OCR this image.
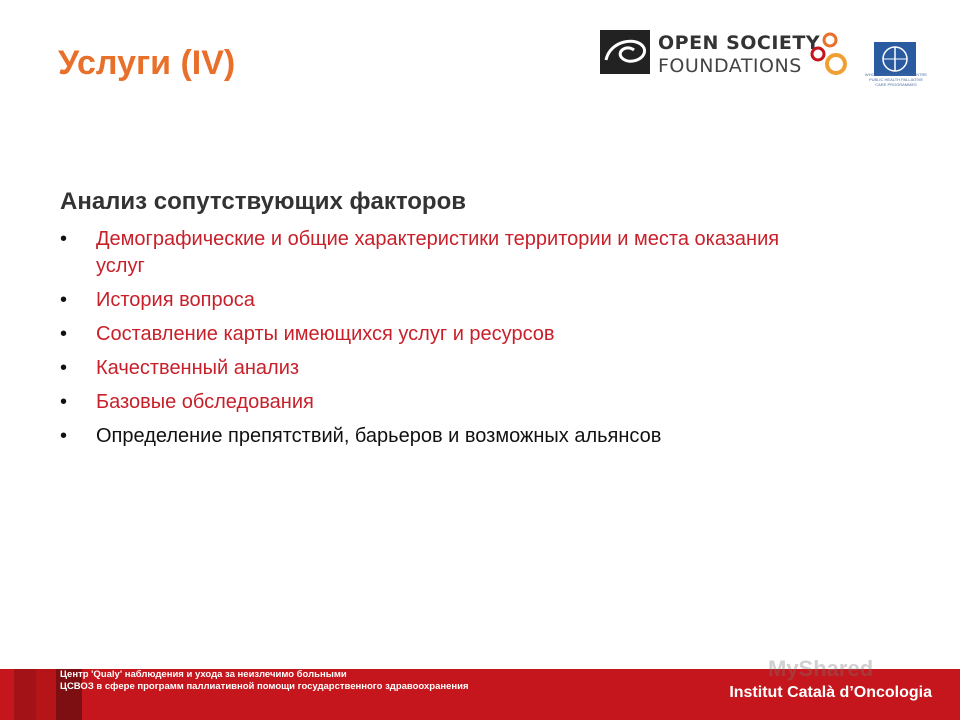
Услуги (IV)
OPEN SOCIETY
FOUNDATIONS	WHO COLLABORATING CENTRE PUBLIC HEALTH PALLIATIVE CARE PROGRAMMES
Анализ сопутствующих факторов
• Демографические и общие характеристики территории и места оказания услуг
• История вопроса
• Составление карты имеющихся услуг и ресурсов
• Качественный анализ
• Базовые обследования
• Определение препятствий, барьеров и возможных альянсов
Центр 'Qualy' наблюдения и ухода за неизлечимо больными
ЦСВОЗ в сфере программ паллиативной помощи государственного здравоохранения
MyShared
Institut Català d’Oncologia
